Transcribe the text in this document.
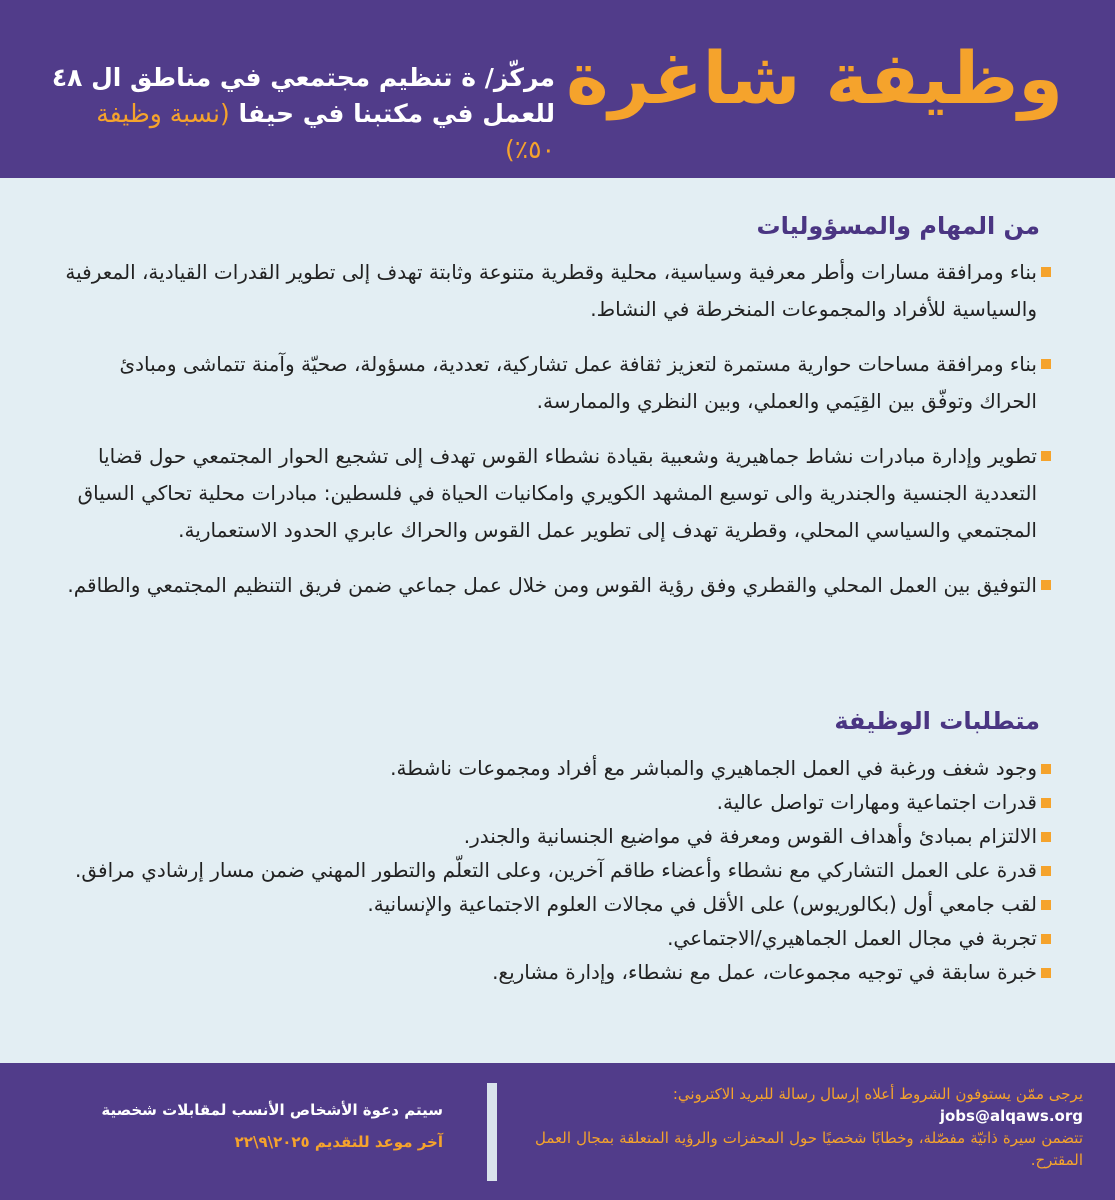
وظيفة شاغرة
مركّز/ ة تنظيم مجتمعي في مناطق ال ٤٨
للعمل في مكتبنا في حيفا (نسبة وظيفة ٥٠٪)
من المهام والمسؤوليات
بناء ومرافقة مسارات وأطر معرفية وسياسية، محلية وقطرية متنوعة وثابتة تهدف إلى تطوير القدرات القيادية، المعرفية والسياسية للأفراد والمجموعات المنخرطة في النشاط.
بناء ومرافقة مساحات حوارية مستمرة لتعزيز ثقافة عمل تشاركية، تعددية، مسؤولة، صحيّة وآمنة تتماشى ومبادئ الحراك وتوفّق بين القِيَمي والعملي، وبين النظري والممارسة.
تطوير وإدارة مبادرات نشاط جماهيرية وشعبية بقيادة نشطاء القوس تهدف إلى تشجيع الحوار المجتمعي حول قضايا التعددية الجنسية والجندرية والى توسيع المشهد الكويري وامكانيات الحياة في فلسطين: مبادرات محلية تحاكي السياق المجتمعي والسياسي المحلي، وقطرية تهدف إلى تطوير عمل القوس والحراك عابري الحدود الاستعمارية.
التوفيق بين العمل المحلي والقطري وفق رؤية القوس ومن خلال عمل جماعي ضمن فريق التنظيم المجتمعي والطاقم.
متطلبات الوظيفة
وجود شغف ورغبة في العمل الجماهيري والمباشر مع أفراد ومجموعات ناشطة.
قدرات اجتماعية ومهارات تواصل عالية.
الالتزام بمبادئ وأهداف القوس ومعرفة في مواضيع الجنسانية والجندر.
قدرة على العمل التشاركي مع نشطاء وأعضاء طاقم آخرين، وعلى التعلّم والتطور المهني ضمن مسار إرشادي مرافق.
لقب جامعي أول (بكالوريوس) على الأقل في مجالات العلوم الاجتماعية والإنسانية.
تجربة في مجال العمل الجماهيري/الاجتماعي.
خبرة سابقة في توجيه مجموعات، عمل مع نشطاء، وإدارة مشاريع.
يرجى ممّن يستوفون الشروط أعلاه إرسال رسالة للبريد الاكتروني:
jobs@alqaws.org
تتضمن سيرة ذاتيّة مفصّلة، وخطابًا شخصيًا حول المحفزات والرؤية المتعلقة بمجال العمل المقترح.
سيتم دعوة الأشخاص الأنسب لمقابلات شخصية
آخر موعد للتقديم ٢٠٢٥\٩\٢٢
